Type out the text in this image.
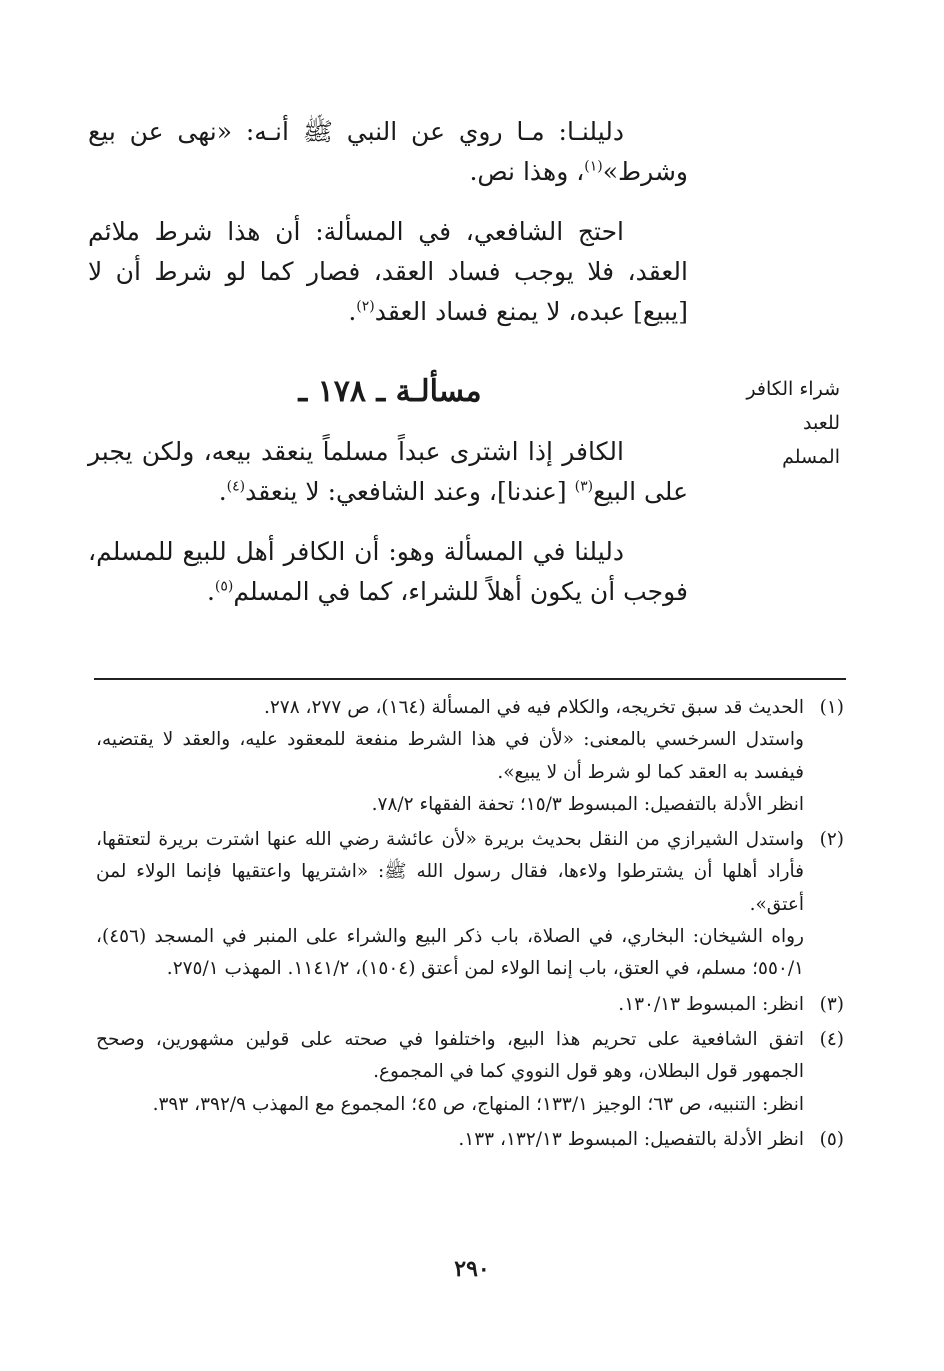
دليلنـا: مـا روي عن النبي ﷺ أنـه: «نهى عن بيع وشرط»$^{(١)}$، وهذا نص.

احتج الشافعي، في المسألة: أن هذا شرط ملائم العقد، فلا يوجب فساد العقد، فصار كما لو شرط أن لا [يبيع] عبده، لا يمنع فساد العقد$^{(٢)}$.

شراء الكافر للعبد المسلم
مسألـة ـ ١٧٨ ـ

الكافر إذا اشترى عبداً مسلماً ينعقد بيعه، ولكن يجبر على البيع$^{(٣)}$ [عندنا]، وعند الشافعي: لا ينعقد$^{(٤)}$.

دليلنا في المسألة وهو: أن الكافر أهل للبيع للمسلم، فوجب أن يكون أهلاً للشراء، كما في المسلم$^{(٥)}$.

(١)
الحديث قد سبق تخريجه، والكلام فيه في المسألة (١٦٤)، ص ٢٧٧، ٢٧٨.
واستدل السرخسي بالمعنى: «لأن في هذا الشرط منفعة للمعقود عليه، والعقد لا يقتضيه، فيفسد به العقد كما لو شرط أن لا يبيع».
انظر الأدلة بالتفصيل: المبسوط ١٥/٣؛ تحفة الفقهاء ٧٨/٢.
(٢)
واستدل الشيرازي من النقل بحديث بريرة «لأن عائشة رضي الله عنها اشترت بريرة لتعتقها، فأراد أهلها أن يشترطوا ولاءها، فقال رسول الله ﷺ: «اشتريها واعتقيها فإنما الولاء لمن أعتق».
رواه الشيخان: البخاري، في الصلاة، باب ذكر البيع والشراء على المنبر في المسجد (٤٥٦)، ٥٥٠/١؛ مسلم، في العتق، باب إنما الولاء لمن أعتق (١٥٠٤)، ١١٤١/٢. المهذب ٢٧٥/١.
(٣)
انظر: المبسوط ١٣٠/١٣.
(٤)
اتفق الشافعية على تحريم هذا البيع، واختلفوا في صحته على قولين مشهورين، وصحح الجمهور قول البطلان، وهو قول النووي كما في المجموع.
انظر: التنبيه، ص ٦٣؛ الوجيز ١٣٣/١؛ المنهاج، ص ٤٥؛ المجموع مع المهذب ٣٩٢/٩، ٣٩٣.
(٥)
انظر الأدلة بالتفصيل: المبسوط ١٣٢/١٣، ١٣٣.
٢٩٠
